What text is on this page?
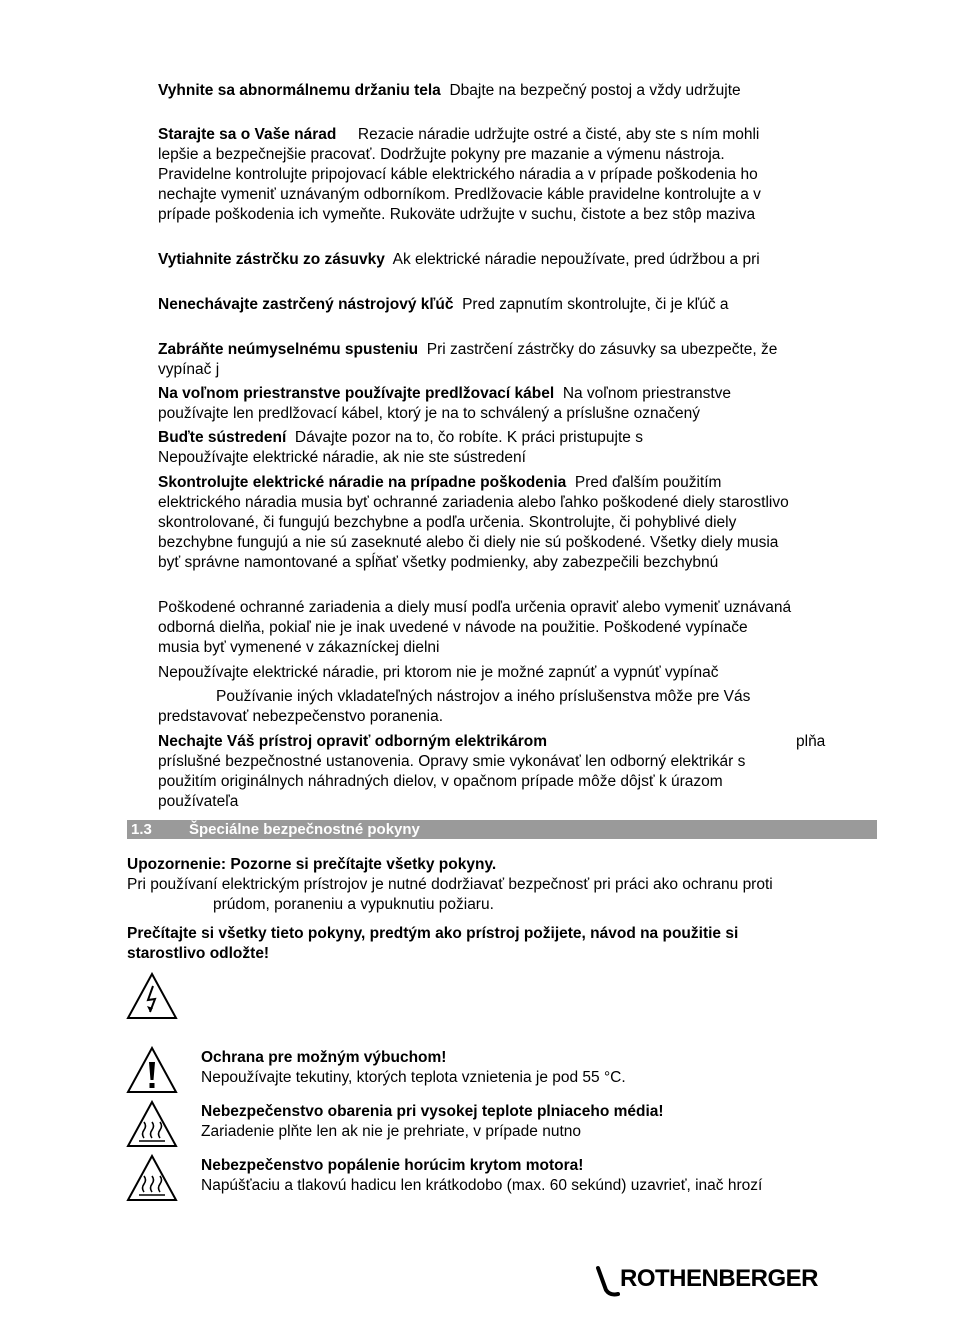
Vyhnite sa abnormálnemu držaniu tela Dbajte na bezpečný postoj a vždy udržujte
Starajte sa o Vaše nárad Rezacie náradie udržujte ostré a čisté, aby ste s ním mohli
lepšie a bezpečnejšie pracovať. Dodržujte pokyny pre mazanie a výmenu nástroja.
Pravidelne kontrolujte pripojovací káble elektrického náradia a v prípade poškodenia ho
nechajte vymeniť uznávaným odborníkom. Predlžovacie káble pravidelne kontrolujte a v
prípade poškodenia ich vymeňte. Rukoväte udržujte v suchu, čistote a bez stôp maziva
Vytiahnite zástrčku zo zásuvky Ak elektrické náradie nepoužívate, pred údržbou a pri
Nenechávajte zastrčený nástrojový kľúč Pred zapnutím skontrolujte, či je kľúč a
Zabráňte neúmyselnému spusteniu Pri zastrčení zástrčky do zásuvky sa ubezpečte, že
vypínač j
Na voľnom priestranstve používajte predlžovací kábel Na voľnom priestranstve
používajte len predlžovací kábel, ktorý je na to schválený a príslušne označený
Buďte sústredení Dávajte pozor na to, čo robíte. K práci pristupujte s
Nepoužívajte elektrické náradie, ak nie ste sústredení
Skontrolujte elektrické náradie na prípadne poškodenia Pred ďalším použitím
elektrického náradia musia byť ochranné zariadenia alebo ľahko poškodené diely starostlivo
skontrolované, či fungujú bezchybne a podľa určenia. Skontrolujte, či pohyblivé diely
bezchybne fungujú a nie sú zaseknuté alebo či diely nie sú poškodené. Všetky diely musia
byť správne namontované a spĺňať všetky podmienky, aby zabezpečili bezchybnú
Poškodené ochranné zariadenia a diely musí podľa určenia opraviť alebo vymeniť uznávaná
odborná dielňa, pokiaľ nie je inak uvedené v návode na použitie. Poškodené vypínače
musia byť vymenené v zákazníckej dielni
Nepoužívajte elektrické náradie, pri ktorom nie je možné zapnúť a vypnúť vypínač
Používanie iných vkladateľných nástrojov a iného príslušenstva môže pre Vás
predstavovať nebezpečenstvo poranenia.
Nechajte Váš prístroj opraviť odborným elektrikárom	plňa
príslušné bezpečnostné ustanovenia. Opravy smie vykonávať len odborný elektrikár s
použitím originálnych náhradných dielov, v opačnom prípade môže dôjsť k úrazom
používateľa
1.3 Špeciálne bezpečnostné pokyny
Upozornenie: Pozorne si prečítajte všetky pokyny.
Pri používaní elektrickým prístrojov je nutné dodržiavať bezpečnosť pri práci ako ochranu proti
prúdom, poraneniu a vypuknutiu požiaru.
Prečítajte si všetky tieto pokyny, predtým ako prístroj požijete, návod na použitie si
starostlivo odložte!
Ochrana pre možným výbuchom!
Nepoužívajte tekutiny, ktorých teplota vznietenia je pod 55 °C.
Nebezpečenstvo obarenia pri vysokej teplote plniaceho média!
Zariadenie plňte len ak nie je prehriate, v prípade nutno
Nebezpečenstvo popálenie horúcim krytom motora!
Napúšťaciu a tlakovú hadicu len krátkodobo (max. 60 sekúnd) uzavrieť, inač hrozí
ROTHENBERGER
